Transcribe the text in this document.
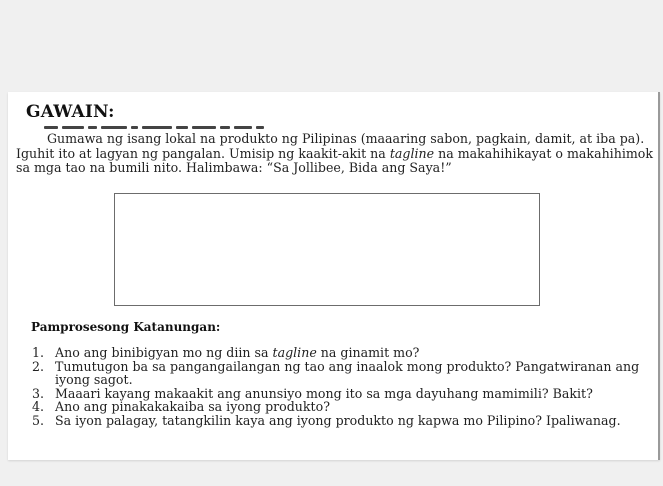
GAWAIN:
Gumawa ng isang lokal na produkto ng Pilipinas (maaaring sabon, pagkain, damit, at iba pa). Iguhit ito at lagyan ng pangalan. Umisip ng kaakit-akit na tagline na makahihikayat o makahihimok sa mga tao na bumili nito. Halimbawa: “Sa Jollibee, Bida ang Saya!”
Pamprosesong Katanungan:
1. Ano ang binibigyan mo ng diin sa tagline na ginamit mo?
2. Tumutugon ba sa pangangailangan ng tao ang inaalok mong produkto? Pangatwiranan ang iyong sagot.
3. Maaari kayang makaakit ang anunsiyo mong ito sa mga dayuhang mamimili? Bakit?
4. Ano ang pinakakakaiba sa iyong produkto?
5. Sa iyon palagay, tatangkilin kaya ang iyong produkto ng kapwa mo Pilipino? Ipaliwanag.
